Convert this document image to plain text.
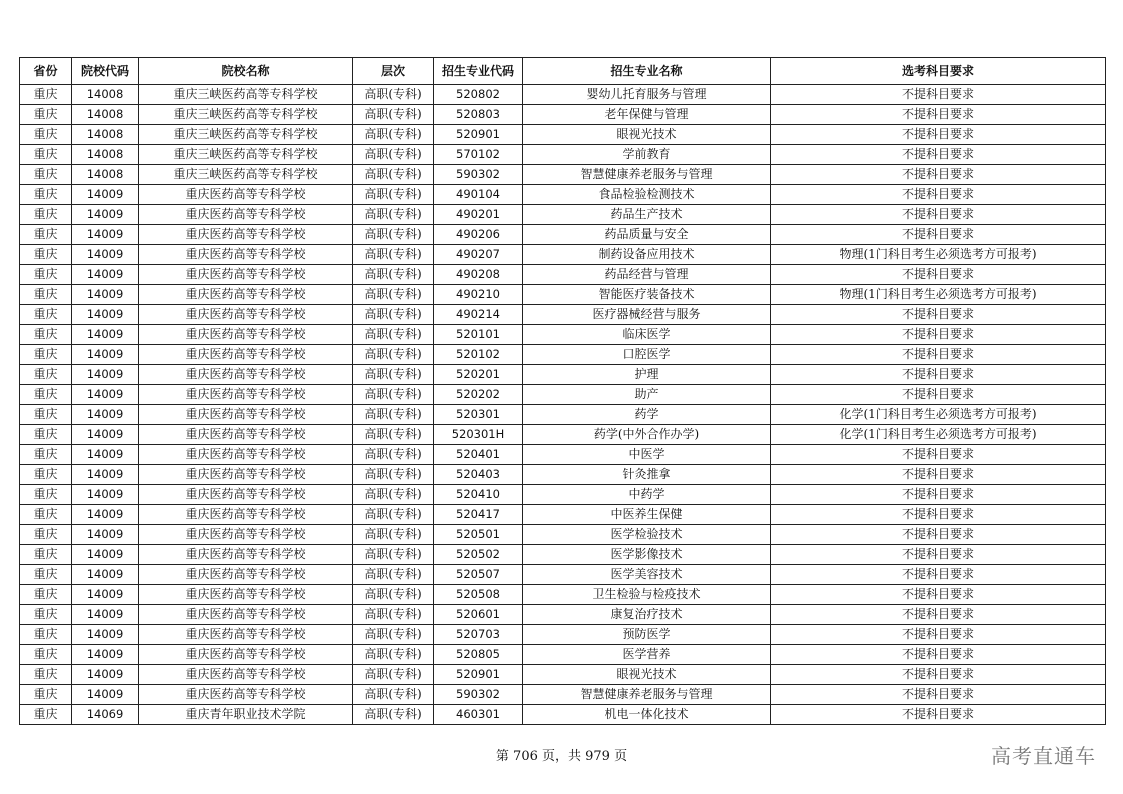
省份	院校代码	院校名称	层次	招生专业代码	招生专业名称	选考科目要求
重庆	14008	重庆三峡医药高等专科学校	高职(专科)	520802	婴幼儿托育服务与管理	不提科目要求
重庆	14008	重庆三峡医药高等专科学校	高职(专科)	520803	老年保健与管理	不提科目要求
重庆	14008	重庆三峡医药高等专科学校	高职(专科)	520901	眼视光技术	不提科目要求
重庆	14008	重庆三峡医药高等专科学校	高职(专科)	570102	学前教育	不提科目要求
重庆	14008	重庆三峡医药高等专科学校	高职(专科)	590302	智慧健康养老服务与管理	不提科目要求
重庆	14009	重庆医药高等专科学校	高职(专科)	490104	食品检验检测技术	不提科目要求
重庆	14009	重庆医药高等专科学校	高职(专科)	490201	药品生产技术	不提科目要求
重庆	14009	重庆医药高等专科学校	高职(专科)	490206	药品质量与安全	不提科目要求
重庆	14009	重庆医药高等专科学校	高职(专科)	490207	制药设备应用技术	物理(1门科目考生必须选考方可报考)
重庆	14009	重庆医药高等专科学校	高职(专科)	490208	药品经营与管理	不提科目要求
重庆	14009	重庆医药高等专科学校	高职(专科)	490210	智能医疗装备技术	物理(1门科目考生必须选考方可报考)
重庆	14009	重庆医药高等专科学校	高职(专科)	490214	医疗器械经营与服务	不提科目要求
重庆	14009	重庆医药高等专科学校	高职(专科)	520101	临床医学	不提科目要求
重庆	14009	重庆医药高等专科学校	高职(专科)	520102	口腔医学	不提科目要求
重庆	14009	重庆医药高等专科学校	高职(专科)	520201	护理	不提科目要求
重庆	14009	重庆医药高等专科学校	高职(专科)	520202	助产	不提科目要求
重庆	14009	重庆医药高等专科学校	高职(专科)	520301	药学	化学(1门科目考生必须选考方可报考)
重庆	14009	重庆医药高等专科学校	高职(专科)	520301H	药学(中外合作办学)	化学(1门科目考生必须选考方可报考)
重庆	14009	重庆医药高等专科学校	高职(专科)	520401	中医学	不提科目要求
重庆	14009	重庆医药高等专科学校	高职(专科)	520403	针灸推拿	不提科目要求
重庆	14009	重庆医药高等专科学校	高职(专科)	520410	中药学	不提科目要求
重庆	14009	重庆医药高等专科学校	高职(专科)	520417	中医养生保健	不提科目要求
重庆	14009	重庆医药高等专科学校	高职(专科)	520501	医学检验技术	不提科目要求
重庆	14009	重庆医药高等专科学校	高职(专科)	520502	医学影像技术	不提科目要求
重庆	14009	重庆医药高等专科学校	高职(专科)	520507	医学美容技术	不提科目要求
重庆	14009	重庆医药高等专科学校	高职(专科)	520508	卫生检验与检疫技术	不提科目要求
重庆	14009	重庆医药高等专科学校	高职(专科)	520601	康复治疗技术	不提科目要求
重庆	14009	重庆医药高等专科学校	高职(专科)	520703	预防医学	不提科目要求
重庆	14009	重庆医药高等专科学校	高职(专科)	520805	医学营养	不提科目要求
重庆	14009	重庆医药高等专科学校	高职(专科)	520901	眼视光技术	不提科目要求
重庆	14009	重庆医药高等专科学校	高职(专科)	590302	智慧健康养老服务与管理	不提科目要求
重庆	14069	重庆青年职业技术学院	高职(专科)	460301	机电一体化技术	不提科目要求
第 706 页，共 979 页	高考直通车
